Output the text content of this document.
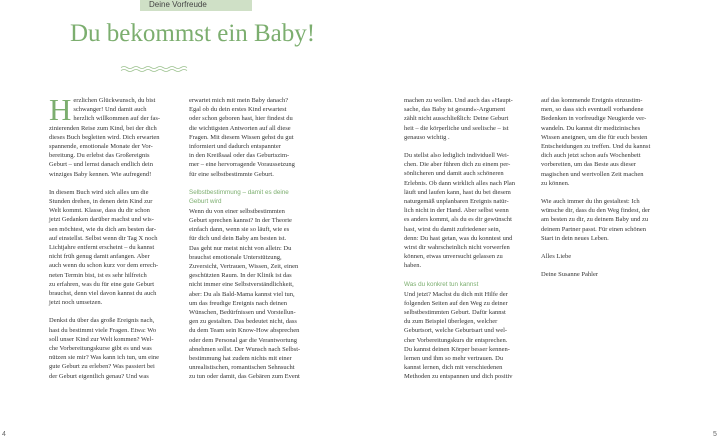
Deine Vorfreude
Du bekommst ein Baby!

Herzlichen Glückwunsch, du bist
schwanger! Und damit auch
herzlich willkommen auf der fas-
zinierenden Reise zum Kind, bei der dich
dieses Buch begleiten wird. Dich erwarten
spannende, emotionale Monate der Vor-
bereitung. Du erlebst das Großereignis
Geburt – und lernst danach endlich dein
winziges Baby kennen. Wie aufregend!

In diesem Buch wird sich alles um die
Stunden drehen, in denen dein Kind zur
Welt kommt. Klasse, dass du dir schon
jetzt Gedanken darüber machst und wis-
sen möchtest, wie du dich am besten dar-
auf einstellst. Selbst wenn dir Tag X noch
Lichtjahre entfernt erscheint – du kannst
nicht früh genug damit anfangen. Aber
auch wenn du schon kurz vor dem errech-
neten Termin bist, ist es sehr hilfreich
zu erfahren, was du für eine gute Geburt
brauchst, denn viel davon kannst du auch
jetzt noch umsetzen.

Denkst du über das große Ereignis nach,
hast du bestimmt viele Fragen. Etwa: Wo
soll unser Kind zur Welt kommen? Wel-
che Vorbereitungskurse gibt es und was
nützen sie mir? Was kann ich tun, um eine
gute Geburt zu erleben? Was passiert bei
der Geburt eigentlich genau? Und was

erwartet mich mit mein Baby danach?
Egal ob du dein erstes Kind erwartest
oder schon geboren hast, hier findest du
die wichtigsten Antworten auf all diese
Fragen. Mit diesem Wissen gehst du gut
informiert und dadurch entspannter
in den Kreißsaal oder das Geburtszim-
mer – eine hervorragende Voraussetzung
für eine selbstbestimmte Geburt.

Selbstbestimmung – damit es deine
Geburt wird

Wenn du von einer selbstbestimmten
Geburt sprechen kannst? In der Theorie
einfach dann, wenn sie so läuft, wie es
für dich und dein Baby am besten ist.
Das geht nur meist nicht von allein: Du
brauchst emotionale Unterstützung,
Zuversicht, Vertrauen, Wissen, Zeit, einen
geschützten Raum. In der Klinik ist das
nicht immer eine Selbstverständlichkeit,
aber: Du als Bald-Mama kannst viel tun,
um das freudige Ereignis nach deinen
Wünschen, Bedürfnissen und Vorstellun-
gen zu gestalten. Das bedeutet nicht, dass
du dem Team sein Know-How absprechen
oder dem Personal gar die Verantwortung
abnehmen sollst. Der Wunsch nach Selbst-
bestimmung hat zudem nichts mit einer
unrealistischen, romantischen Sehnsucht
zu tun oder damit, das Gebären zum Event

machen zu wollen. Und auch das »Haupt-
sache, das Baby ist gesund«-Argument
zählt nicht ausschließlich: Deine Geburt
heit – die körperliche und seelische – ist
genauso wichtig .

Du stellst also lediglich individuell Wei-
chen. Die aber führen dich zu einem per-
sönlicheren und damit auch schöneren
Erlebnis. Ob dann wirklich alles nach Plan
läuft und laufen kann, hast du bei diesem
naturgemäß unplanbaren Ereignis natür-
lich nicht in der Hand. Aber selbst wenn
es anders kommt, als du es dir gewünscht
hast, wirst du damit zufriedener sein,
denn: Du hast getan, was du konntest und
wirst dir wahrscheinlich nicht vorwerfen
können, etwas unversucht gelassen zu
haben.

Was du konkret tun kannst

Und jetzt? Machst du dich mit Hilfe der
folgenden Seiten auf den Weg zu deiner
selbstbestimmten Geburt. Dafür kannst
du zum Beispiel überlegen, welcher
Geburtsort, welche Geburtsart und wel-
cher Vorbereitungskurs dir entsprechen.
Du kannst deinen Körper besser kennen-
lernen und ihm so mehr vertrauen. Du
kannst lernen, dich mit verschiedenen
Methoden zu entspannen und dich positiv

auf das kommende Ereignis einzustim-
men, so dass sich eventuell vorhandene
Bedenken in vorfreudige Neugierde ver-
wandeln. Du kannst dir medizinisches
Wissen aneignen, um die für euch besten
Entscheidungen zu treffen. Und du kannst
dich auch jetzt schon aufs Wochenbett
vorbereiten, um das Beste aus dieser
magischen und wertvollen Zeit machen
zu können.

Wie auch immer du ihn gestaltest: Ich
wünsche dir, dass du den Weg findest, der
am besten zu dir, zu deinem Baby und zu
deinem Partner passt. Für einen schönen
Start in dein neues Leben.

Alles Liebe

Deine Susanne Pahler

4	5
